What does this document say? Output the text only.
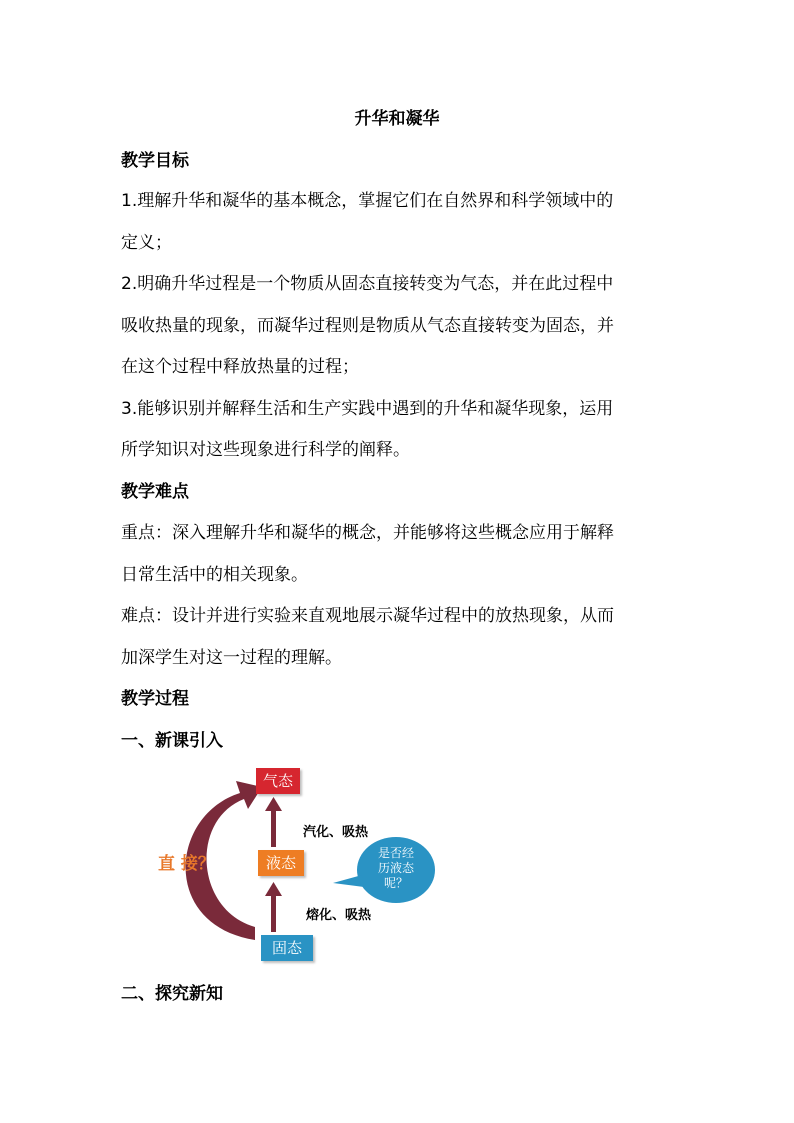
升华和凝华
教学目标
1.理解升华和凝华的基本概念，掌握它们在自然界和科学领域中的
定义；
2.明确升华过程是一个物质从固态直接转变为气态，并在此过程中
吸收热量的现象，而凝华过程则是物质从气态直接转变为固态，并
在这个过程中释放热量的过程；
3.能够识别并解释生活和生产实践中遇到的升华和凝华现象，运用
所学知识对这些现象进行科学的阐释。
教学难点
重点：深入理解升华和凝华的概念，并能够将这些概念应用于解释
日常生活中的相关现象。
难点：设计并进行实验来直观地展示凝华过程中的放热现象，从而
加深学生对这一过程的理解。
教学过程
一、新课引入
气态
液态
固态
汽化、吸热
熔化、吸热
直 接？
是否经
历液态
呢？
二、探究新知
